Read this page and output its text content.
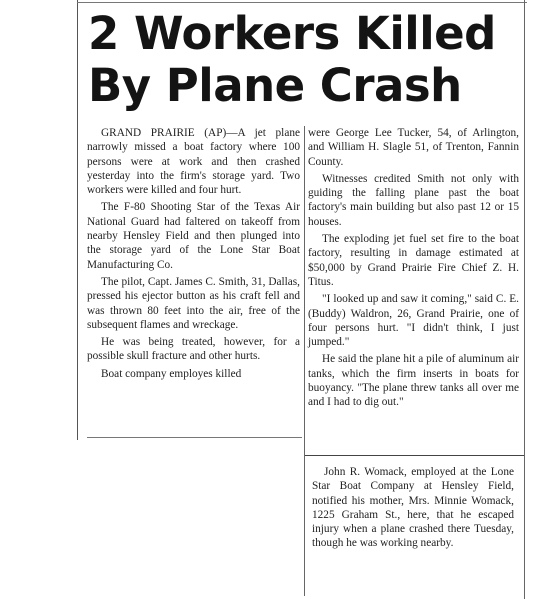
2 Workers Killed
By Plane Crash

GRAND PRAIRIE (AP)—A jet plane narrowly missed a boat factory where 100 persons were at work and then crashed yesterday into the firm's storage yard. Two workers were killed and four hurt.

The F-80 Shooting Star of the Texas Air National Guard had faltered on takeoff from nearby Hensley Field and then plunged into the storage yard of the Lone Star Boat Manufacturing Co.

The pilot, Capt. James C. Smith, 31, Dallas, pressed his ejector button as his craft fell and was thrown 80 feet into the air, free of the subsequent flames and wreckage.

He was being treated, however, for a possible skull fracture and other hurts.

Boat company employes killed

were George Lee Tucker, 54, of Arlington, and William H. Slagle 51, of Trenton, Fannin County.

Witnesses credited Smith not only with guiding the falling plane past the boat factory's main building but also past 12 or 15 houses.

The exploding jet fuel set fire to the boat factory, resulting in damage estimated at $50,000 by Grand Prairie Fire Chief Z. H. Titus.

"I looked up and saw it coming," said C. E. (Buddy) Waldron, 26, Grand Prairie, one of four persons hurt. "I didn't think, I just jumped."

He said the plane hit a pile of aluminum air tanks, which the firm inserts in boats for buoyancy. "The plane threw tanks all over me and I had to dig out."

John R. Womack, employed at the Lone Star Boat Company at Hensley Field, notified his mother, Mrs. Minnie Womack, 1225 Graham St., here, that he escaped injury when a plane crashed there Tuesday, though he was working nearby.
